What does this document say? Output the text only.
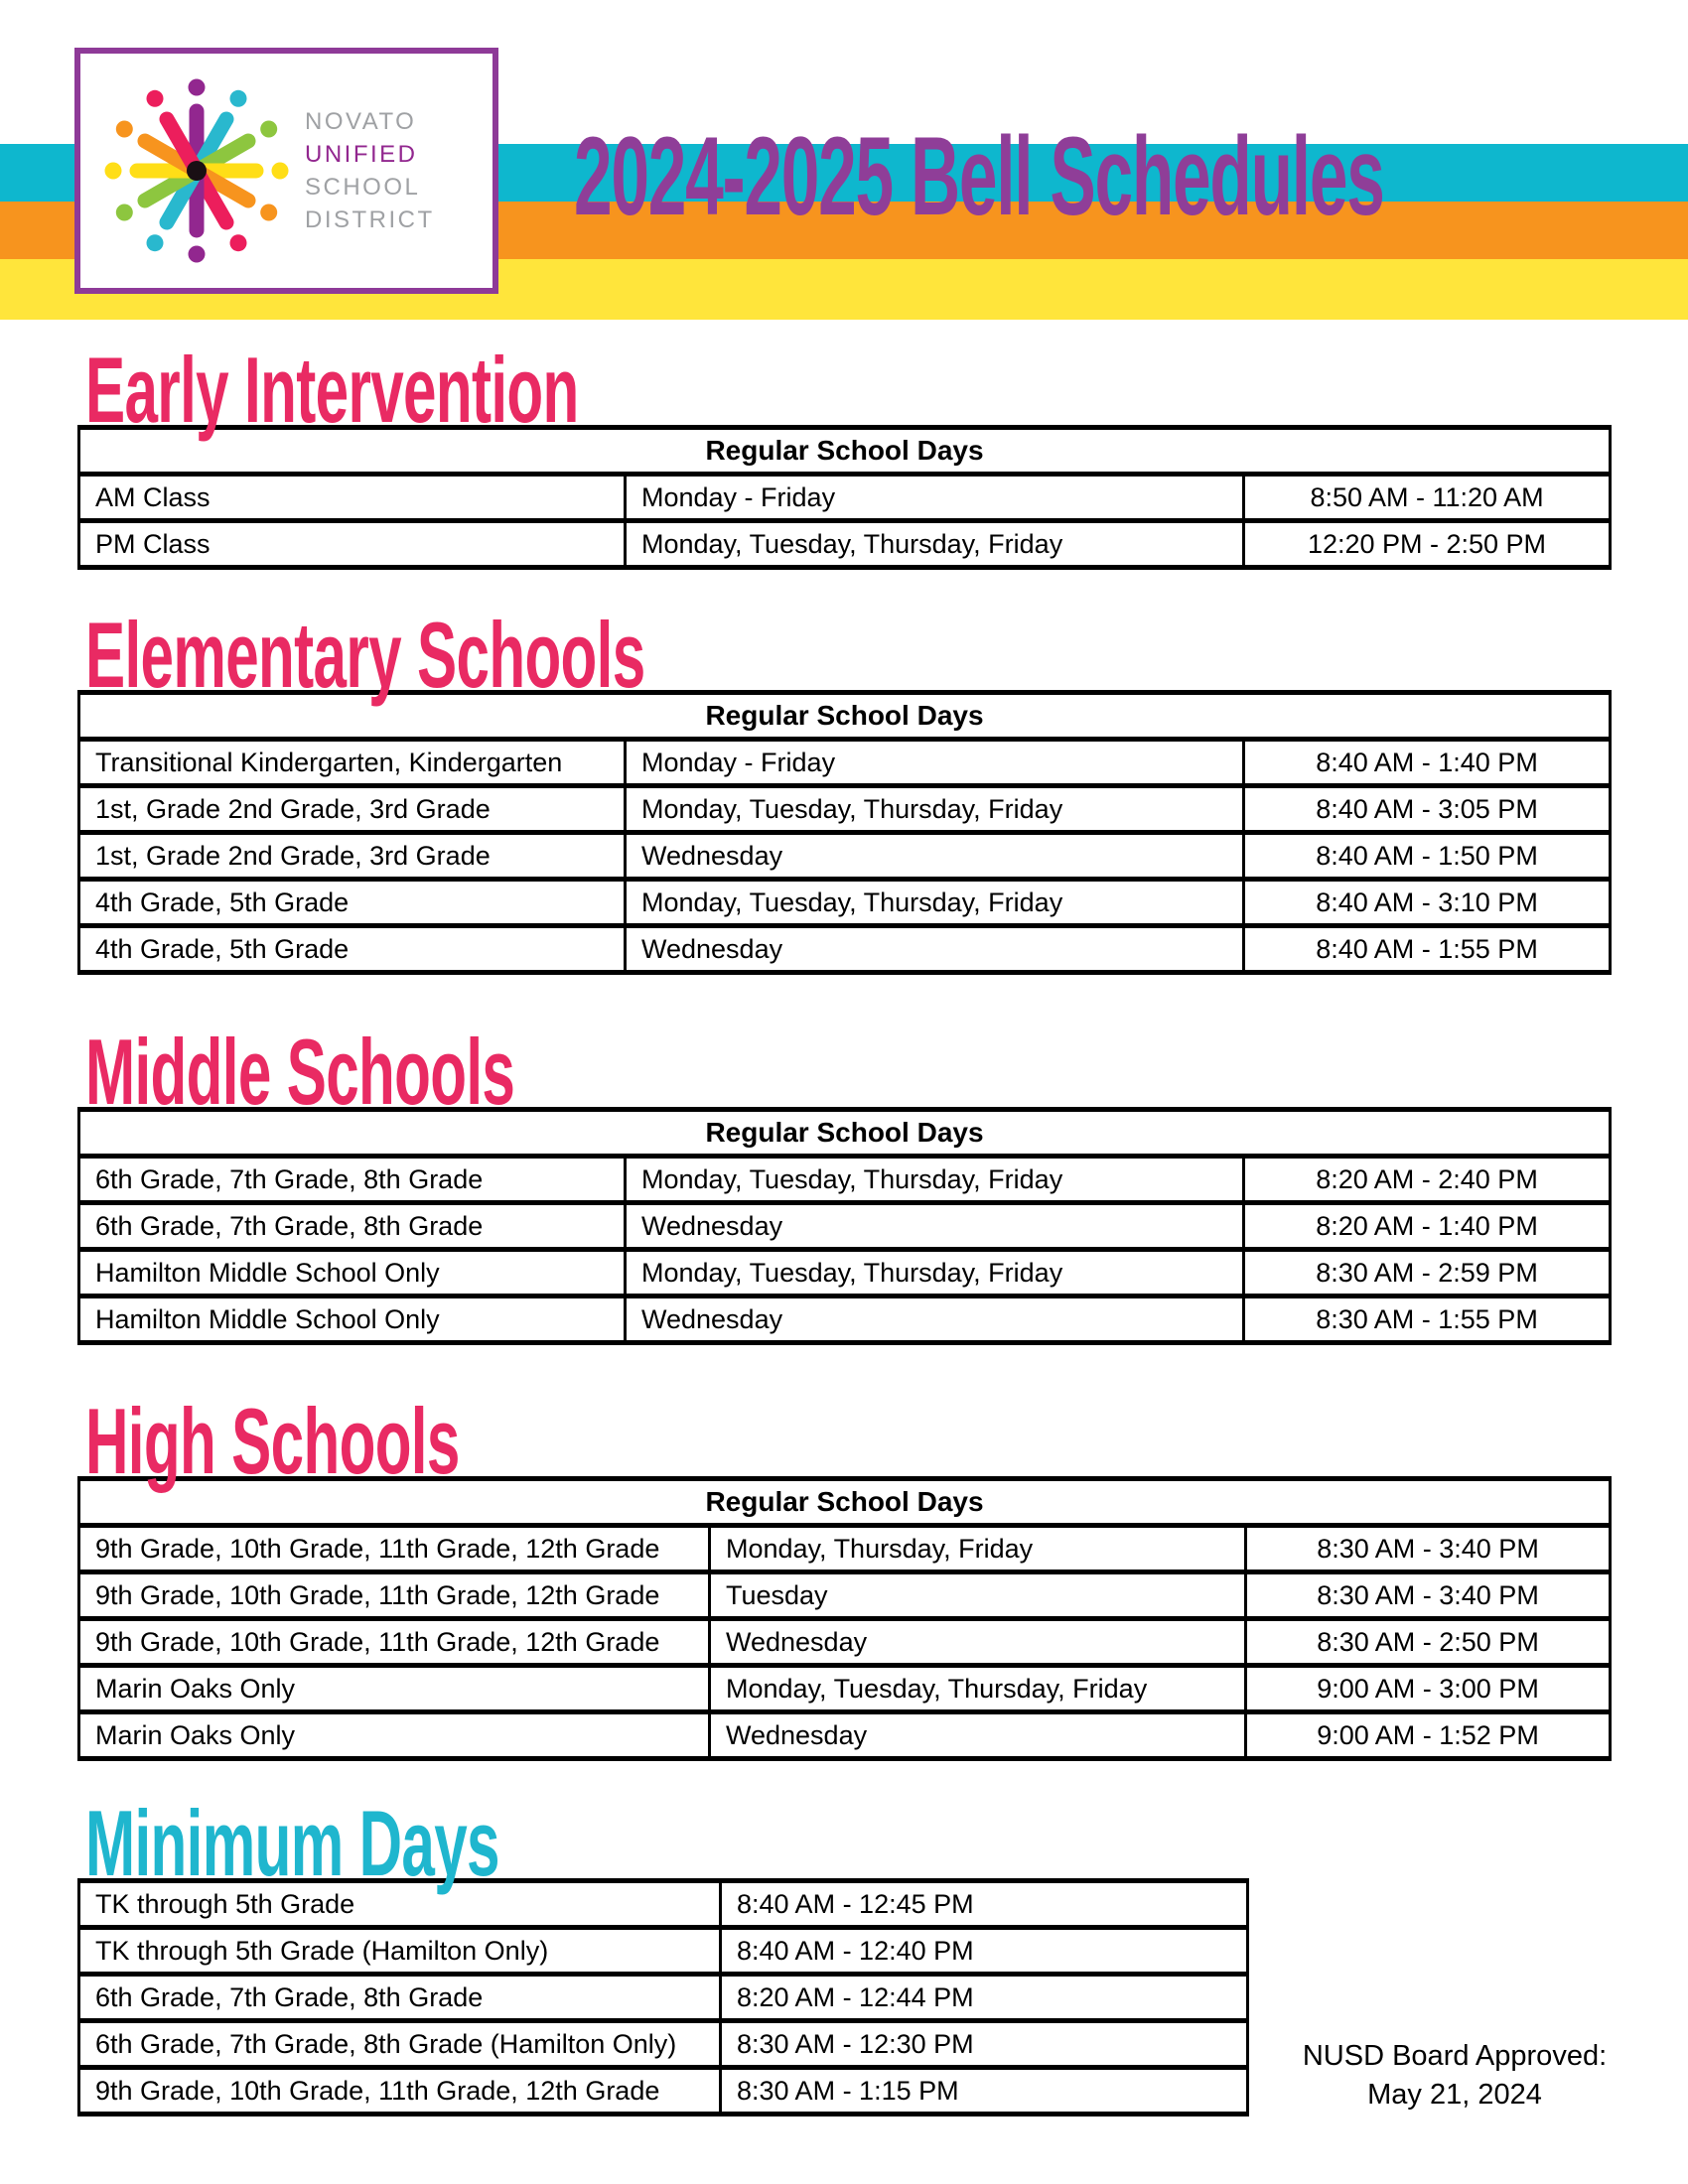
NOVATO
UNIFIED
SCHOOL
DISTRICT 2024-2025 Bell Schedules
Early Intervention
Regular School Days		
AM Class	Monday - Friday	8:50 AM - 11:20 AM
PM Class	Monday, Tuesday, Thursday, Friday	12:20 PM - 2:50 PM
Elementary Schools
Regular School Days		
Transitional Kindergarten, Kindergarten	Monday - Friday	8:40 AM - 1:40 PM
1st, Grade 2nd Grade, 3rd Grade	Monday, Tuesday, Thursday, Friday	8:40 AM - 3:05 PM
1st, Grade 2nd Grade, 3rd Grade	Wednesday	8:40 AM - 1:50 PM
4th Grade, 5th Grade	Monday, Tuesday, Thursday, Friday	8:40 AM - 3:10 PM
4th Grade, 5th Grade	Wednesday	8:40 AM - 1:55 PM
Middle Schools
Regular School Days		
6th Grade, 7th Grade, 8th Grade	Monday, Tuesday, Thursday, Friday	8:20 AM - 2:40 PM
6th Grade, 7th Grade, 8th Grade	Wednesday	8:20 AM - 1:40 PM
Hamilton Middle School Only	Monday, Tuesday, Thursday, Friday	8:30 AM - 2:59 PM
Hamilton Middle School Only	Wednesday	8:30 AM - 1:55 PM
High Schools
Regular School Days		
9th Grade, 10th Grade, 11th Grade, 12th Grade	Monday, Thursday, Friday	8:30 AM - 3:40 PM
9th Grade, 10th Grade, 11th Grade, 12th Grade	Tuesday	8:30 AM - 3:40 PM
9th Grade, 10th Grade, 11th Grade, 12th Grade	Wednesday	8:30 AM - 2:50 PM
Marin Oaks Only	Monday, Tuesday, Thursday, Friday	9:00 AM - 3:00 PM
Marin Oaks Only	Wednesday	9:00 AM - 1:52 PM
Minimum Days
TK through 5th Grade	8:40 AM - 12:45 PM
TK through 5th Grade (Hamilton Only)	8:40 AM - 12:40 PM
6th Grade, 7th Grade, 8th Grade	8:20 AM - 12:44 PM
6th Grade, 7th Grade, 8th Grade (Hamilton Only)	8:30 AM - 12:30 PM
9th Grade, 10th Grade, 11th Grade, 12th Grade	8:30 AM - 1:15 PM
NUSD Board Approved:
May 21, 2024
